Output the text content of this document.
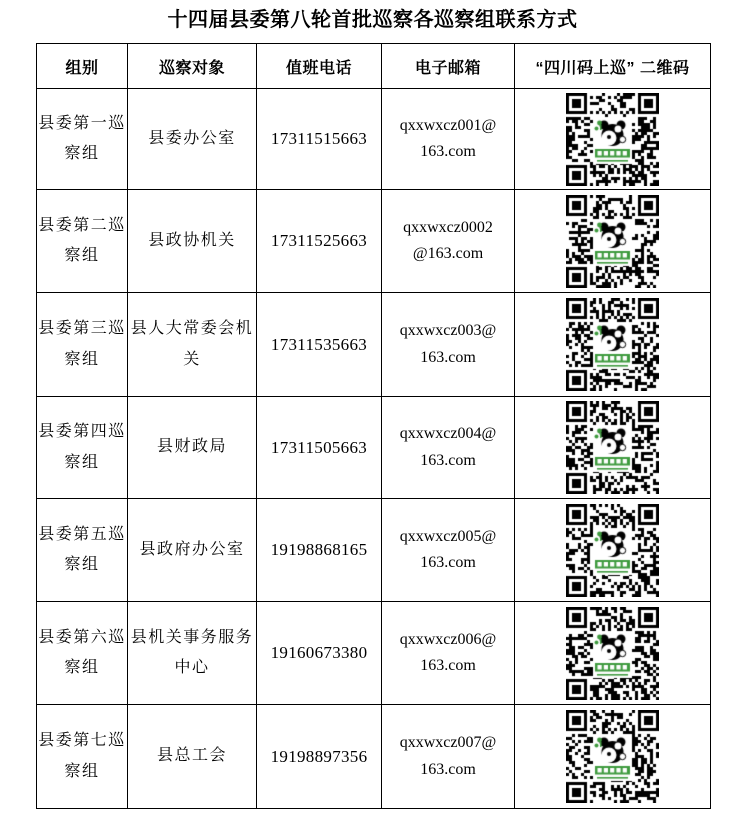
十四届县委第八轮首批巡察各巡察组联系方式
组别	巡察对象	值班电话	电子邮箱	“四川码上巡” 二维码
县委第一巡察组	县委办公室	17311515663	qxxwxcz001@
163.com

县委第二巡察组	县政协机关	17311525663	qxxwxcz0002
@163.com

县委第三巡察组	县人大常委会机关	17311535663	qxxwxcz003@
163.com

县委第四巡察组	县财政局	17311505663	qxxwxcz004@
163.com

县委第五巡察组	县政府办公室	19198868165	qxxwxcz005@
163.com

县委第六巡察组	县机关事务服务中心	19160673380	qxxwxcz006@
163.com

县委第七巡察组	县总工会	19198897356	qxxwxcz007@
163.com
